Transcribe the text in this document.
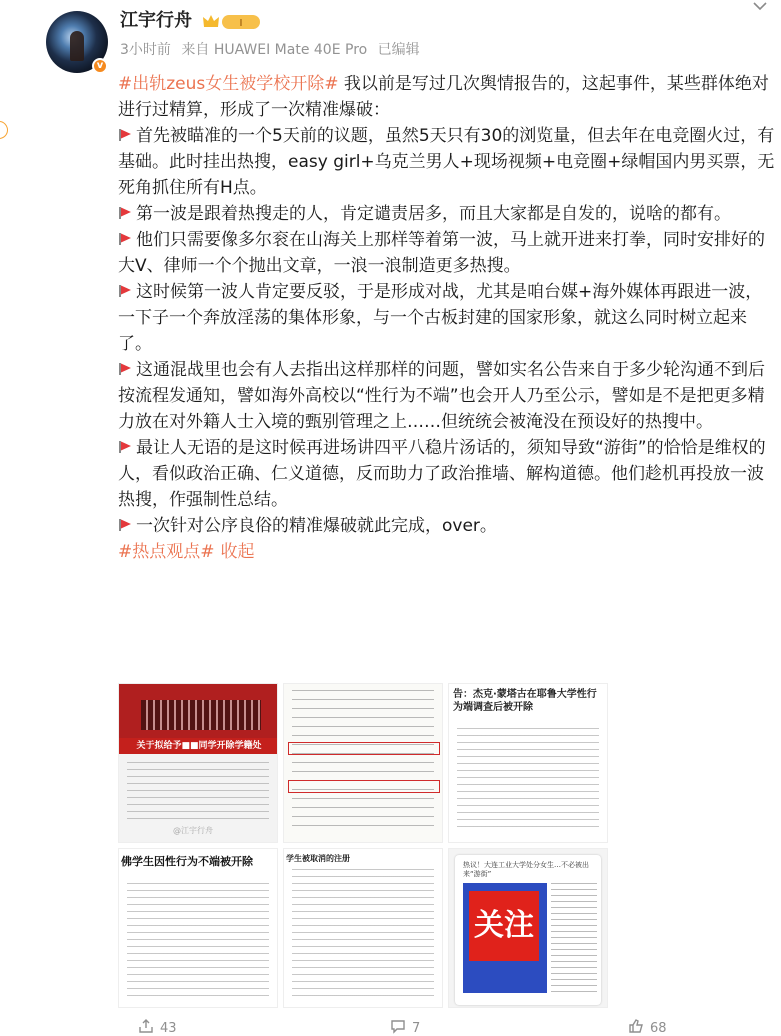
v
江宇行舟	I
3小时前 来自 HUAWEI Mate 40E Pro 已编辑

#出轨zeus女生被学校开除# 我以前是写过几次舆情报告的，这起事件，某些群体绝对进行过精算，形成了一次精准爆破：

首先被瞄准的一个5天前的议题，虽然5天只有30的浏览量，但去年在电竞圈火过，有基础。此时挂出热搜，easy girl+乌克兰男人+现场视频+电竞圈+绿帽国内男买票，无死角抓住所有H点。

第一波是跟着热搜走的人，肯定谴责居多，而且大家都是自发的，说啥的都有。

他们只需要像多尔衮在山海关上那样等着第一波，马上就开进来打拳，同时安排好的大V、律师一个个抛出文章，一浪一浪制造更多热搜。

这时候第一波人肯定要反驳，于是形成对战，尤其是咱台媒+海外媒体再跟进一波，一下子一个奔放淫荡的集体形象，与一个古板封建的国家形象，就这么同时树立起来了。

这通混战里也会有人去指出这样那样的问题，譬如实名公告来自于多少轮沟通不到后按流程发通知，譬如海外高校以“性行为不端”也会开人乃至公示，譬如是不是把更多精力放在对外籍人士入境的甄别管理之上……但统统会被淹没在预设好的热搜中。

最让人无语的是这时候再进场讲四平八稳片汤话的，须知导致“游街”的恰恰是维权的人，看似政治正确、仁义道德，反而助力了政治推墙、解构道德。他们趁机再投放一波热搜，作强制性总结。

一次针对公序良俗的精准爆破就此完成，over。

#热点观点# 收起

关于拟给予■■同学开除学籍处
@江宇行舟
告：杰克·蒙塔古在耶鲁大学性行为端调查后被开除
佛学生因性行为不端被开除	学生被取消的注册
热议！大连工业大学处分女生…不必被出来“游街”
关注
43	7	68
